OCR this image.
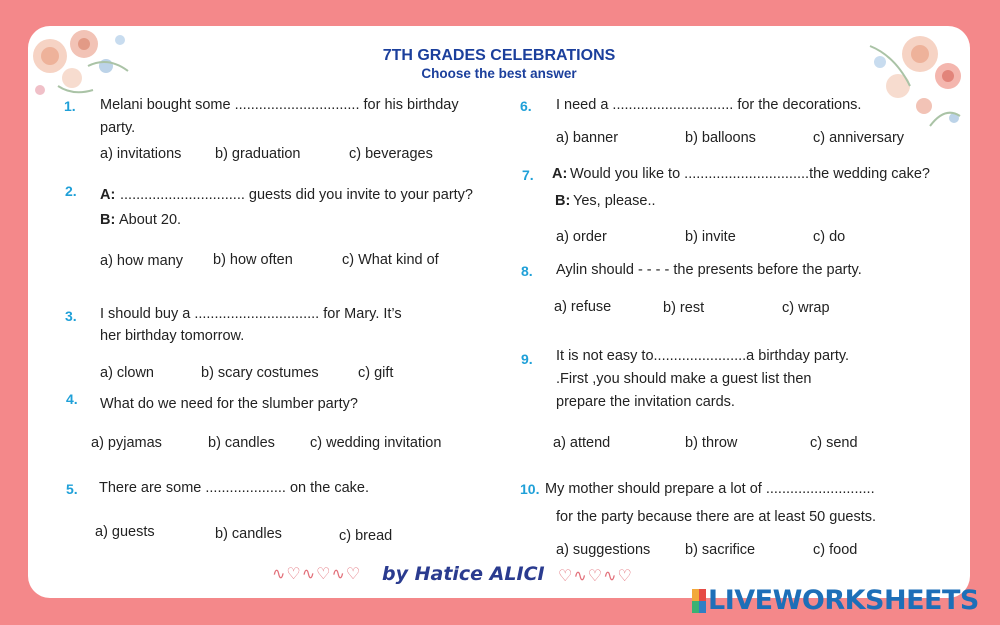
7TH GRADES CELEBRATIONS
Choose the best answer
1. Melani bought some ............................... for his birthday
party.
a) invitations b) graduation	c) beverages
2. A: ............................... guests did you invite to your party?
B: About 20.
a) how many b) how often	c) What kind of
3. I should buy a ............................... for Mary. It’s
her birthday tomorrow.
a) clown	b) scary costumes	c) gift
4. What do we need for the slumber party?
a) pyjamas	b) candles c) wedding invitation
5. There are some .................... on the cake.
a) guests	b) candles	c) bread
6. I need a .............................. for the decorations.
a) banner	b) balloons	c) anniversary
7. A: Would you like to ...............................the wedding cake?
B: Yes, please..
a) order	b) invite	c) do
8. Aylin should - - - - the presents before the party.
a) refuse	b) rest	c) wrap
9. It is not easy to.......................a birthday party.
.First ,you should make a guest list then
prepare the invitation cards.
a) attend	b) throw	c) send
10. My mother should prepare a lot of ...........................
for the party because there are at least 50 guests.
a) suggestions b) sacrifice	c) food
∿♡∿♡∿♡ by Hatice ALICI ♡∿♡∿♡
LIVEWORKSHEETS
